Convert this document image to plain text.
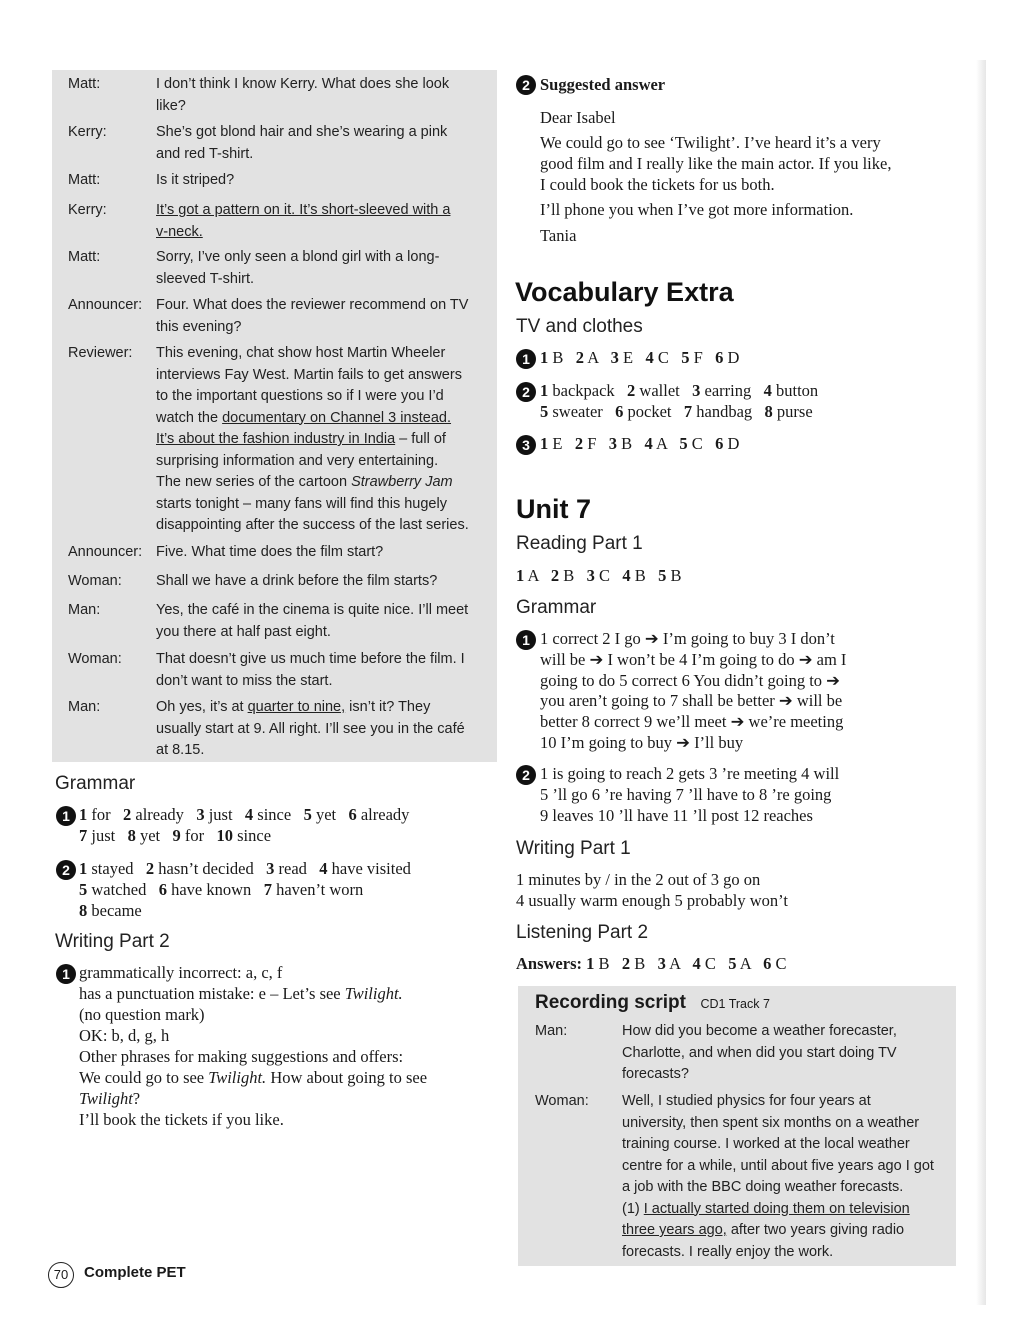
Matt:	I don’t think I know Kerry. What does she look
like?
Kerry:	She’s got blond hair and she’s wearing a pink
and red T-shirt.
Matt:	Is it striped?
Kerry:	It’s got a pattern on it. It’s short-sleeved with a
v-neck.
Matt:	Sorry, I’ve only seen a blond girl with a long-
sleeved T-shirt.
Announcer: Four. What does the reviewer recommend on TV
this evening?
Reviewer:	This evening, chat show host Martin Wheeler
interviews Fay West. Martin fails to get answers
to the important questions so if I were you I’d
watch the documentary on Channel 3 instead.
It’s about the fashion industry in India – full of
surprising information and very entertaining.
The new series of the cartoon Strawberry Jam
starts tonight – many fans will find this hugely
disappointing after the success of the last series.
Announcer: Five. What time does the film start?
Woman:	Shall we have a drink before the film starts?
Man:	Yes, the café in the cinema is quite nice. I’ll meet
you there at half past eight.
Woman:	That doesn’t give us much time before the film. I
don’t want to miss the start.
Man:	Oh yes, it’s at quarter to nine, isn’t it? They
usually start at 9. All right. I’ll see you in the café
at 8.15.
Grammar
1 1 for   2 already   3 just   4 since   5 yet   6 already
7 just   8 yet   9 for   10 since
2 1 stayed   2 hasn’t decided   3 read   4 have visited
5 watched   6 have known   7 haven’t worn
8 became
Writing Part 2
1 grammatically incorrect: a, c, f
has a punctuation mistake: e – Let’s see Twilight.
(no question mark)
OK: b, d, g, h
Other phrases for making suggestions and offers:
We could go to see Twilight. How about going to see
Twilight?
I’ll book the tickets if you like.
2 Suggested answer
Dear Isabel
We could go to see ‘Twilight’. I’ve heard it’s a very
good film and I really like the main actor. If you like,
I could book the tickets for us both.
I’ll phone you when I’ve got more information.
Tania
Vocabulary Extra
TV and clothes
1 1 B   2 A   3 E   4 C   5 F   6 D
2 1 backpack   2 wallet   3 earring   4 button
5 sweater   6 pocket   7 handbag   8 purse
3 1 E   2 F   3 B   4 A   5 C   6 D
Unit 7
Reading Part 1
1 A   2 B   3 C   4 B   5 B
Grammar
1 1 correct 2 I go ➔ I’m going to buy 3 I don’t
will be ➔ I won’t be 4 I’m going to do ➔ am I
going to do 5 correct 6 You didn’t going to ➔
you aren’t going to 7 shall be better ➔ will be
better 8 correct 9 we’ll meet ➔ we’re meeting
10 I’m going to buy ➔ I’ll buy
2 1 is going to reach 2 gets 3 ’re meeting 4 will
5 ’ll go 6 ’re having 7 ’ll have to 8 ’re going
9 leaves 10 ’ll have 11 ’ll post 12 reaches
Writing Part 1
1 minutes by / in the 2 out of 3 go on
4 usually warm enough 5 probably won’t
Listening Part 2
Answers: 1 B   2 B   3 A   4 C   5 A   6 C
Recording script CD1 Track 7
Man:	How did you become a weather forecaster,
Charlotte, and when did you start doing TV
forecasts?
Woman: Well, I studied physics for four years at
university, then spent six months on a weather
training course. I worked at the local weather
centre for a while, until about five years ago I got
a job with the BBC doing weather forecasts.
(1) I actually started doing them on television
three years ago, after two years giving radio
forecasts. I really enjoy the work.
70	Complete PET
